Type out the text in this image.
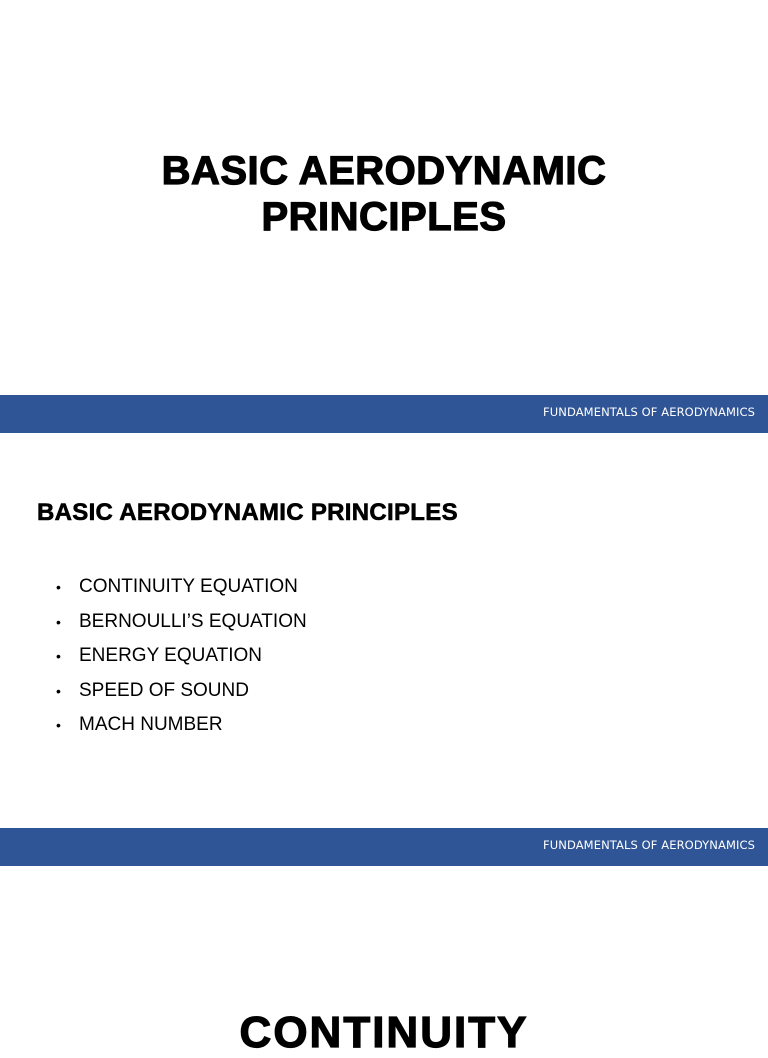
BASIC AERODYNAMIC
PRINCIPLES
FUNDAMENTALS OF AERODYNAMICS
BASIC AERODYNAMIC PRINCIPLES
• CONTINUITY EQUATION
• BERNOULLI’S EQUATION
• ENERGY EQUATION
• SPEED OF SOUND
• MACH NUMBER
FUNDAMENTALS OF AERODYNAMICS
CONTINUITY
